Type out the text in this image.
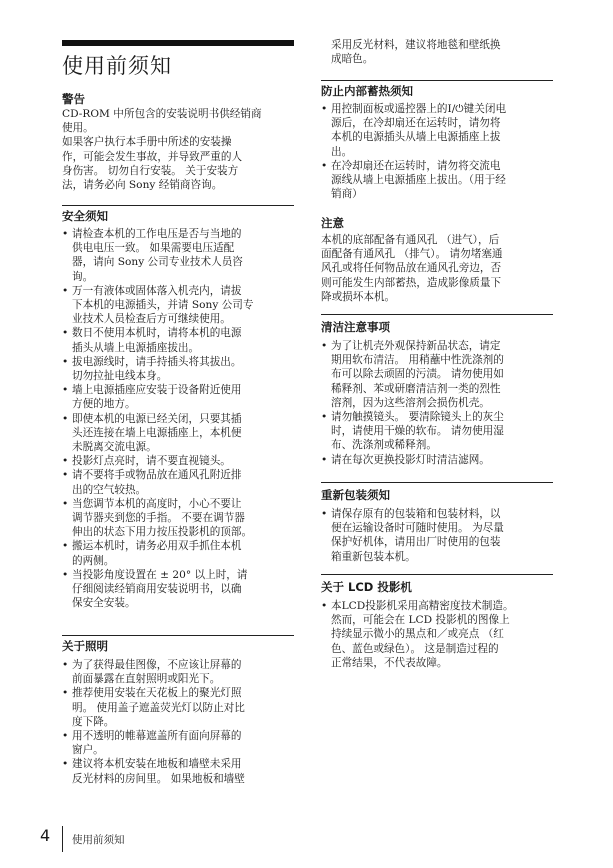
使用前须知

警告

CD-ROM 中所包含的安装说明书供经销商

使用。

如果客户执行本手册中所述的安装操

作，可能会发生事故，并导致严重的人

身伤害。 切勿自行安装。 关于安装方

法，请务必向 Sony 经销商咨询。

安全须知

• 请检查本机的工作电压是否与当地的
供电电压一致。 如果需要电压适配
器，请向 Sony 公司专业技术人员咨
询。
• 万一有液体或固体落入机壳内，请拔
下本机的电源插头，并请 Sony 公司专
业技术人员检查后方可继续使用。
• 数日不使用本机时，请将本机的电源
插头从墙上电源插座拔出。
• 拔电源线时，请手持插头将其拔出。
切勿拉扯电线本身。
• 墙上电源插座应安装于设备附近使用
方便的地方。
• 即使本机的电源已经关闭，只要其插
头还连接在墙上电源插座上，本机便
未脱离交流电源。
• 投影灯点亮时，请不要直视镜头。
• 请不要将手或物品放在通风孔附近排
出的空气较热。
• 当您调节本机的高度时，小心不要让
调节器夹到您的手指。 不要在调节器
伸出的状态下用力按压投影机的顶部。
• 搬运本机时，请务必用双手抓住本机
的两侧。
• 当投影角度设置在 ± 20° 以上时，请
仔细阅读经销商用安装说明书，以确
保安全安装。

关于照明

• 为了获得最佳图像，不应该让屏幕的
前面暴露在直射照明或阳光下。
• 推荐使用安装在天花板上的聚光灯照
明。 使用盖子遮盖荧光灯以防止对比
度下降。
• 用不透明的帷幕遮盖所有面向屏幕的
窗户。
• 建议将本机安装在地板和墙壁未采用
反光材料的房间里。 如果地板和墙壁

采用反光材料，建议将地毯和壁纸换

成暗色。

防止内部蓄热须知

• 用控制面板或遥控器上的I/⏻键关闭电
源后，在冷却扇还在运转时，请勿将
本机的电源插头从墙上电源插座上拔
出。
• 在冷却扇还在运转时，请勿将交流电
源线从墙上电源插座上拔出。（用于经
销商）

注意

本机的底部配备有通风孔 （进气），后

面配备有通风孔 （排气）。 请勿堵塞通

风孔或将任何物品放在通风孔旁边，否

则可能发生内部蓄热，造成影像质量下

降或损坏本机。

清洁注意事项

• 为了让机壳外观保持新品状态，请定
期用软布清洁。 用稍蘸中性洗涤剂的
布可以除去顽固的污渍。 请勿使用如
稀释剂、苯或研磨清洁剂一类的烈性
溶剂，因为这些溶剂会损伤机壳。
• 请勿触摸镜头。 要清除镜头上的灰尘
时，请使用干燥的软布。 请勿使用湿
布、洗涤剂或稀释剂。
• 请在每次更换投影灯时清洁滤网。

重新包装须知

• 请保存原有的包装箱和包装材料，以
便在运输设备时可随时使用。 为尽量
保护好机体，请用出厂时使用的包装
箱重新包装本机。

关于 LCD 投影机

• 本LCD投影机采用高精密度技术制造。
然而，可能会在 LCD 投影机的图像上
持续显示微小的黑点和／或亮点 （红
色、蓝色或绿色）。 这是制造过程的
正常结果，不代表故障。
4 使用前须知
